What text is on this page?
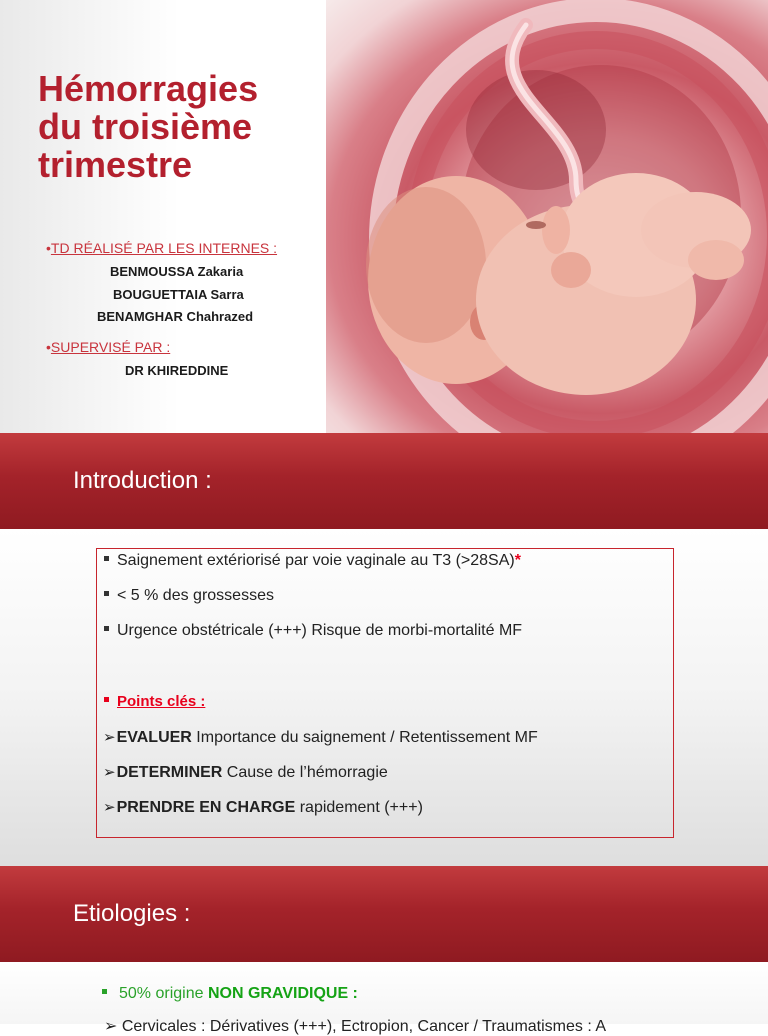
Hémorragies
du troisième
trimestre
•TD RÉALISÉ PAR LES INTERNES :
BENMOUSSA Zakaria
BOUGUETTAIA Sarra
BENAMGHAR Chahrazed
•SUPERVISÉ PAR :
DR KHIREDDINE
Introduction :
Saignement extériorisé par voie vaginale au T3 (>28SA)*
< 5 % des grossesses
Urgence obstétricale (+++) Risque de morbi-mortalité MF
Points clés :
➢EVALUER Importance du saignement / Retentissement MF
➢DETERMINER Cause de l’hémorragie
➢PRENDRE EN CHARGE rapidement (+++)
Etiologies :
50% origine NON GRAVIDIQUE :
➢ Cervicales : Dérivatives (+++), Ectropion, Cancer / Traumatismes : A
